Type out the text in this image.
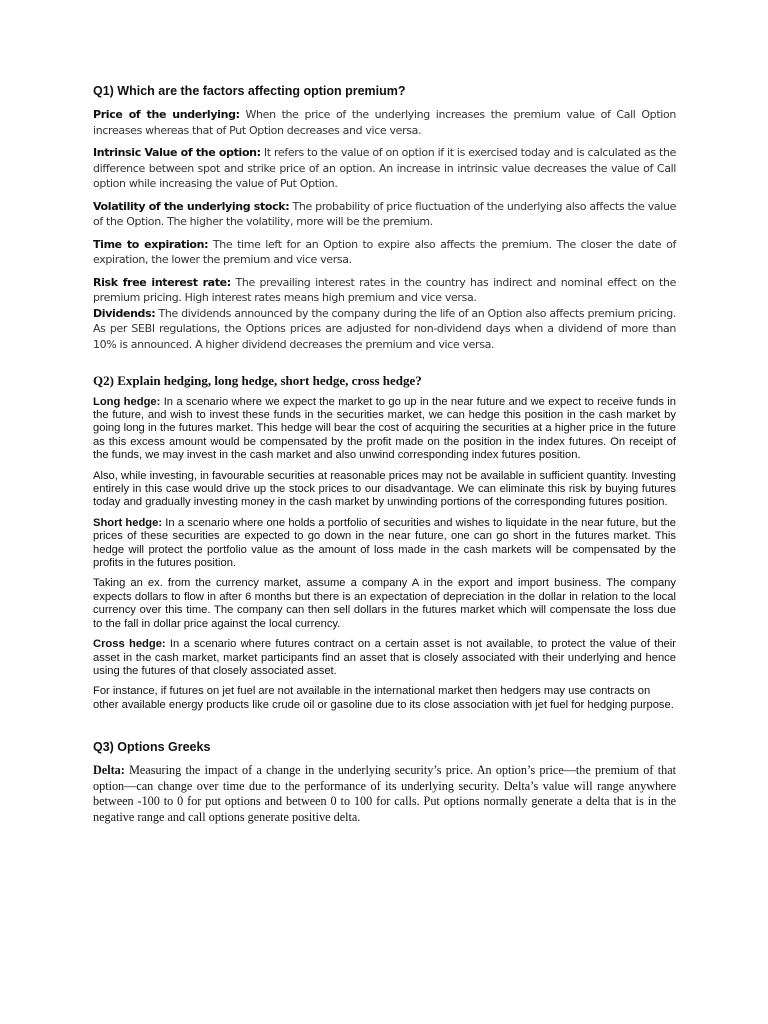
Q1) Which are the factors affecting option premium?

Price of the underlying: When the price of the underlying increases the premium value of Call Option increases whereas that of Put Option decreases and vice versa.

Intrinsic Value of the option: It refers to the value of on option if it is exercised today and is calculated as the difference between spot and strike price of an option. An increase in intrinsic value decreases the value of Call option while increasing the value of Put Option.

Volatility of the underlying stock: The probability of price fluctuation of the underlying also affects the value of the Option. The higher the volatility, more will be the premium.

Time to expiration: The time left for an Option to expire also affects the premium. The closer the date of expiration, the lower the premium and vice versa.

Risk free interest rate: The prevailing interest rates in the country has indirect and nominal effect on the premium pricing. High interest rates means high premium and vice versa.

Dividends: The dividends announced by the company during the life of an Option also affects premium pricing. As per SEBI regulations, the Options prices are adjusted for non-dividend days when a dividend of more than 10% is announced. A higher dividend decreases the premium and vice versa.

Q2) Explain hedging, long hedge, short hedge, cross hedge?

Long hedge: In a scenario where we expect the market to go up in the near future and we expect to receive funds in the future, and wish to invest these funds in the securities market, we can hedge this position in the cash market by going long in the futures market. This hedge will bear the cost of acquiring the securities at a higher price in the future as this excess amount would be compensated by the profit made on the position in the index futures. On receipt of the funds, we may invest in the cash market and also unwind corresponding index futures position.

Also, while investing, in favourable securities at reasonable prices may not be available in sufficient quantity. Investing entirely in this case would drive up the stock prices to our disadvantage. We can eliminate this risk by buying futures today and gradually investing money in the cash market by unwinding portions of the corresponding futures position.

Short hedge: In a scenario where one holds a portfolio of securities and wishes to liquidate in the near future, but the prices of these securities are expected to go down in the near future, one can go short in the futures market. This hedge will protect the portfolio value as the amount of loss made in the cash markets will be compensated by the profits in the futures position.

Taking an ex. from the currency market, assume a company A in the export and import business. The company expects dollars to flow in after 6 months but there is an expectation of depreciation in the dollar in relation to the local currency over this time. The company can then sell dollars in the futures market which will compensate the loss due to the fall in dollar price against the local currency.

Cross hedge: In a scenario where futures contract on a certain asset is not available, to protect the value of their asset in the cash market, market participants find an asset that is closely associated with their underlying and hence using the futures of that closely associated asset.

For instance, if futures on jet fuel are not available in the international market then hedgers may use contracts on other available energy products like crude oil or gasoline due to its close association with jet fuel for hedging purpose.

Q3) Options Greeks

Delta: Measuring the impact of a change in the underlying security’s price. An option’s price—the premium of that option—can change over time due to the performance of its underlying security. Delta’s value will range anywhere between -100 to 0 for put options and between 0 to 100 for calls. Put options normally generate a delta that is in the negative range and call options generate positive delta.
